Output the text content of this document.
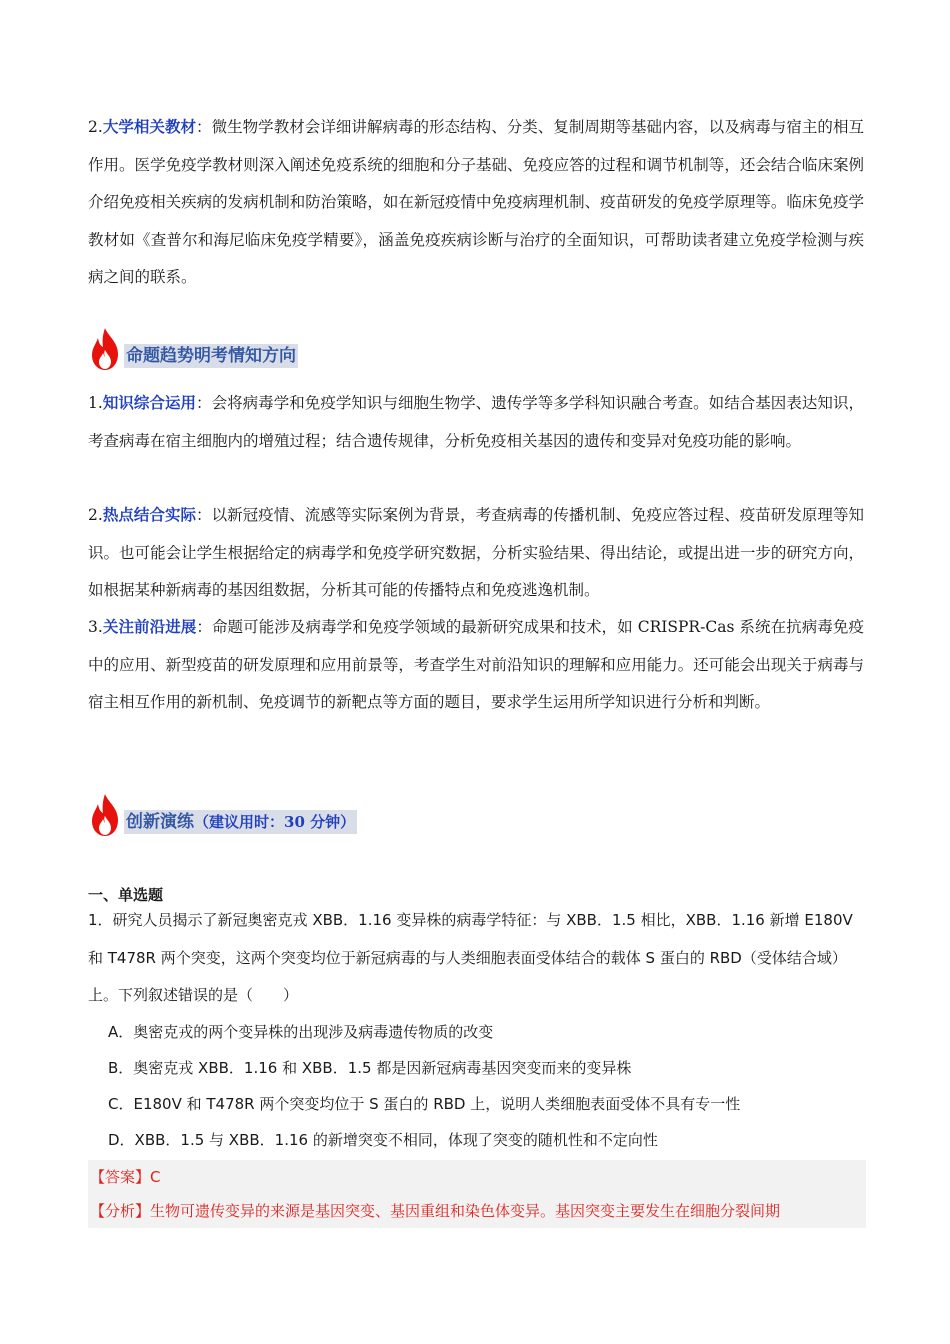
2.大学相关教材：微生物学教材会详细讲解病毒的形态结构、分类、复制周期等基础内容，以及病毒与宿主的相互作用。医学免疫学教材则深入阐述免疫系统的细胞和分子基础、免疫应答的过程和调节机制等，还会结合临床案例介绍免疫相关疾病的发病机制和防治策略，如在新冠疫情中免疫病理机制、疫苗研发的免疫学原理等。临床免疫学教材如《查普尔和海尼临床免疫学精要》，涵盖免疫疾病诊断与治疗的全面知识，可帮助读者建立免疫学检测与疾病之间的联系。
命题趋势明考情知方向
1.知识综合运用：会将病毒学和免疫学知识与细胞生物学、遗传学等多学科知识融合考查。如结合基因表达知识，考查病毒在宿主细胞内的增殖过程；结合遗传规律，分析免疫相关基因的遗传和变异对免疫功能的影响。
2.热点结合实际：以新冠疫情、流感等实际案例为背景，考查病毒的传播机制、免疫应答过程、疫苗研发原理等知识。也可能会让学生根据给定的病毒学和免疫学研究数据，分析实验结果、得出结论，或提出进一步的研究方向，如根据某种新病毒的基因组数据，分析其可能的传播特点和免疫逃逸机制。
3.关注前沿进展：命题可能涉及病毒学和免疫学领域的最新研究成果和技术，如 CRISPR-Cas 系统在抗病毒免疫中的应用、新型疫苗的研发原理和应用前景等，考查学生对前沿知识的理解和应用能力。还可能会出现关于病毒与宿主相互作用的新机制、免疫调节的新靶点等方面的题目，要求学生运用所学知识进行分析和判断。
创新演练（建议用时：30 分钟）
一、单选题
1．研究人员揭示了新冠奥密克戎 XBB．1.16 变异株的病毒学特征：与 XBB．1.5 相比，XBB．1.16 新增 E180V 和 T478R 两个突变，这两个突变均位于新冠病毒的与人类细胞表面受体结合的载体 S 蛋白的 RBD（受体结合域）上。下列叙述错误的是（　　）
A．奥密克戎的两个变异株的出现涉及病毒遗传物质的改变
B．奥密克戎 XBB．1.16 和 XBB．1.5 都是因新冠病毒基因突变而来的变异株
C．E180V 和 T478R 两个突变均位于 S 蛋白的 RBD 上，说明人类细胞表面受体不具有专一性
D．XBB．1.5 与 XBB．1.16 的新增突变不相同，体现了突变的随机性和不定向性
【答案】C
【分析】生物可遗传变异的来源是基因突变、基因重组和染色体变异。基因突变主要发生在细胞分裂间期
